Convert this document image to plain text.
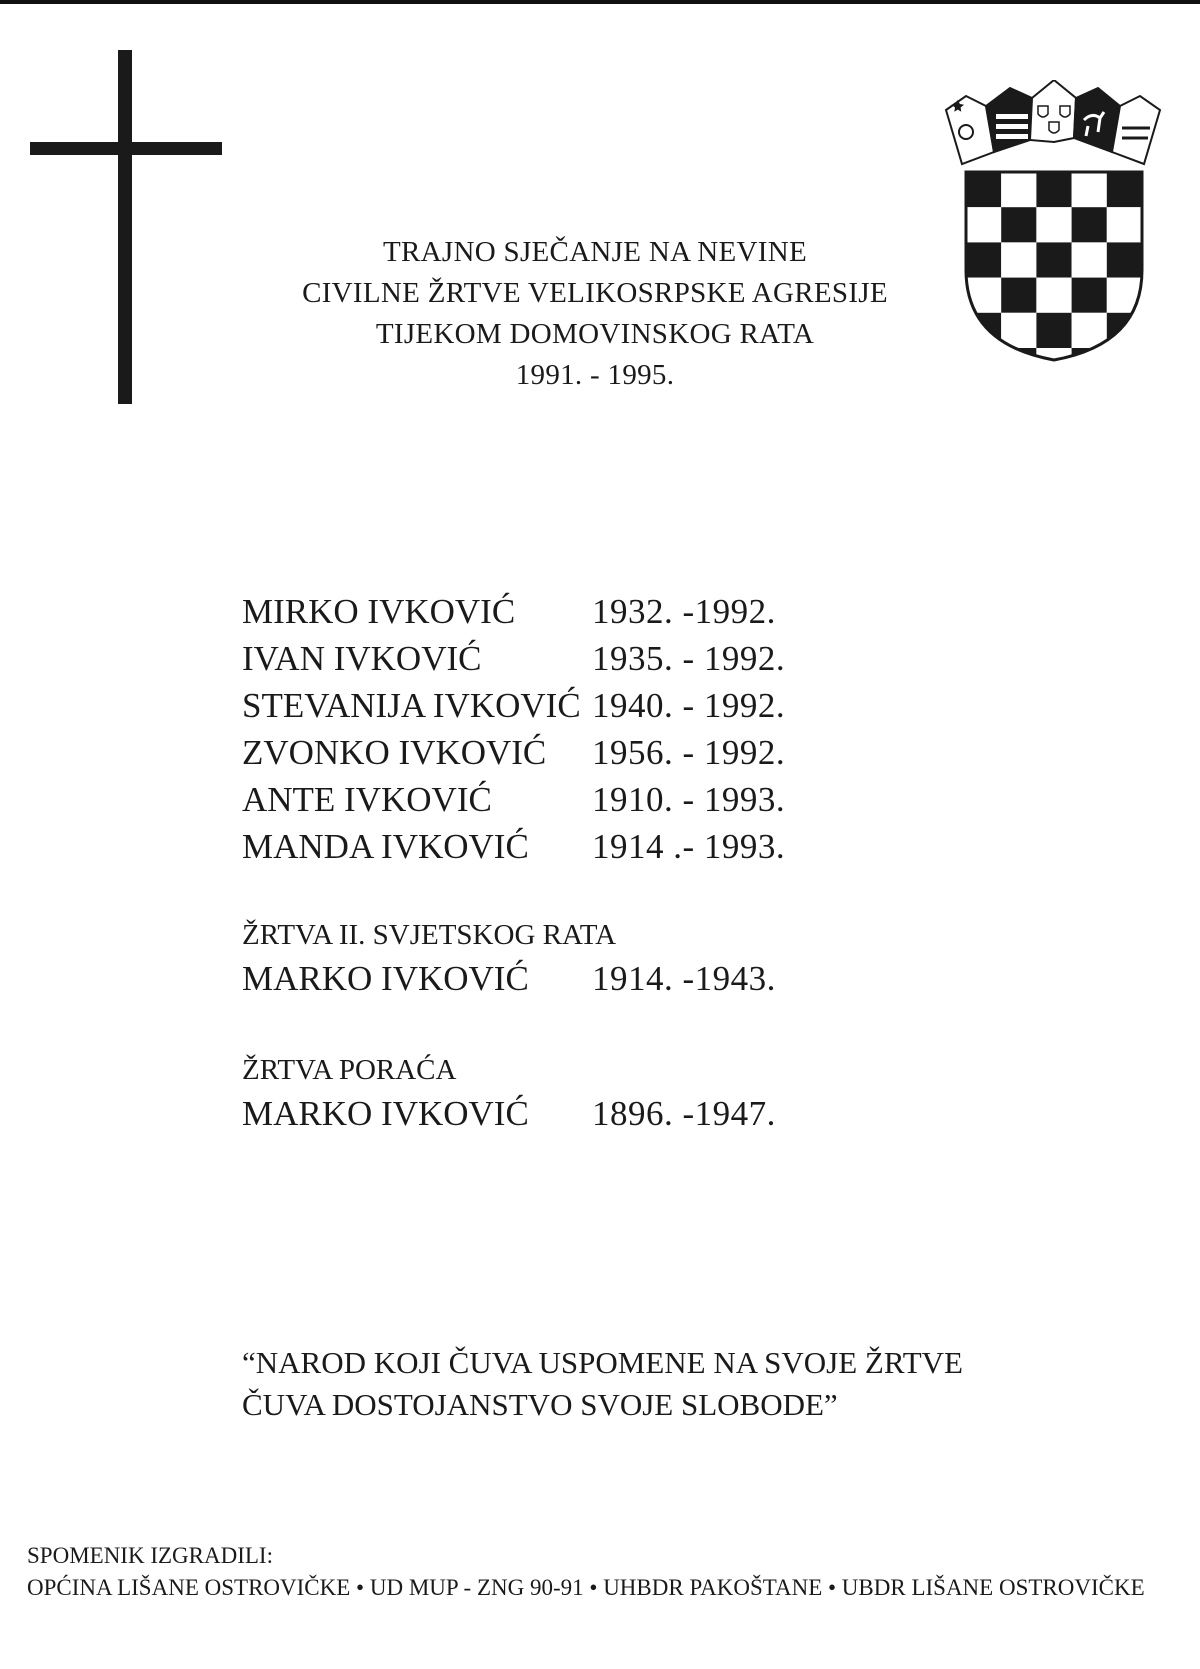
TRAJNO SJEČANJE NA NEVINE
CIVILNE ŽRTVE VELIKOSRPSKE AGRESIJE
TIJEKOM DOMOVINSKOG RATA
1991. - 1995.
MIRKO IVKOVIĆ	1932. -1992.
IVAN IVKOVIĆ	1935. - 1992.
STEVANIJA IVKOVIĆ 1940. - 1992.
ZVONKO IVKOVIĆ	1956. - 1992.
ANTE IVKOVIĆ	1910. - 1993.
MANDA IVKOVIĆ	1914 .- 1993.
ŽRTVA II. SVJETSKOG RATA
MARKO IVKOVIĆ	1914. -1943.
ŽRTVA PORAĆA
MARKO IVKOVIĆ	1896. -1947.
“NAROD KOJI ČUVA USPOMENE NA SVOJE ŽRTVE
ČUVA DOSTOJANSTVO SVOJE SLOBODE”
SPOMENIK IZGRADILI:
OPĆINA LIŠANE OSTROVIČKE • UD MUP - ZNG 90-91 • UHBDR PAKOŠTANE • UBDR LIŠANE OSTROVIČKE
